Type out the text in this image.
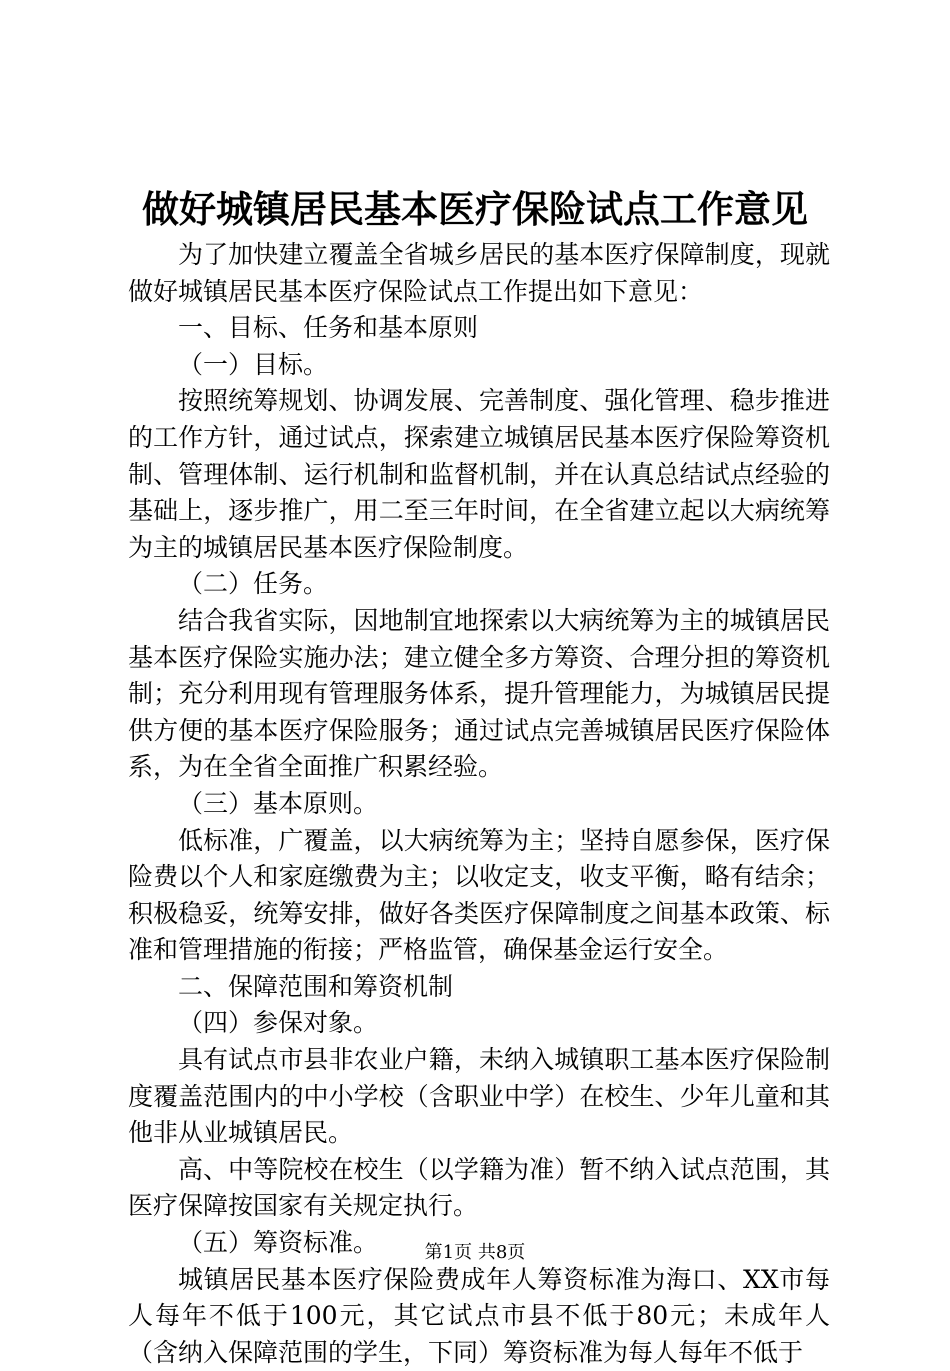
做好城镇居民基本医疗保险试点工作意见

为了加快建立覆盖全省城乡居民的基本医疗保障制度，现就做好城镇居民基本医疗保险试点工作提出如下意见：

一、目标、任务和基本原则

（一）目标。

按照统筹规划、协调发展、完善制度、强化管理、稳步推进的工作方针，通过试点，探索建立城镇居民基本医疗保险筹资机制、管理体制、运行机制和监督机制，并在认真总结试点经验的基础上，逐步推广，用二至三年时间，在全省建立起以大病统筹为主的城镇居民基本医疗保险制度。

（二）任务。

结合我省实际，因地制宜地探索以大病统筹为主的城镇居民基本医疗保险实施办法；建立健全多方筹资、合理分担的筹资机制；充分利用现有管理服务体系，提升管理能力，为城镇居民提供方便的基本医疗保险服务；通过试点完善城镇居民医疗保险体系，为在全省全面推广积累经验。

（三）基本原则。

低标准，广覆盖，以大病统筹为主；坚持自愿参保，医疗保险费以个人和家庭缴费为主；以收定支，收支平衡，略有结余；积极稳妥，统筹安排，做好各类医疗保障制度之间基本政策、标准和管理措施的衔接；严格监管，确保基金运行安全。

二、保障范围和筹资机制

（四）参保对象。

具有试点市县非农业户籍，未纳入城镇职工基本医疗保险制度覆盖范围内的中小学校（含职业中学）在校生、少年儿童和其他非从业城镇居民。

高、中等院校在校生（以学籍为准）暂不纳入试点范围，其医疗保障按国家有关规定执行。

（五）筹资标准。

城镇居民基本医疗保险费成年人筹资标准为海口、XX市每人每年不低于100元，其它试点市县不低于80元；未成年人（含纳入保障范围的学生，下同）筹资标准为每人每年不低于

第1页 共8页
